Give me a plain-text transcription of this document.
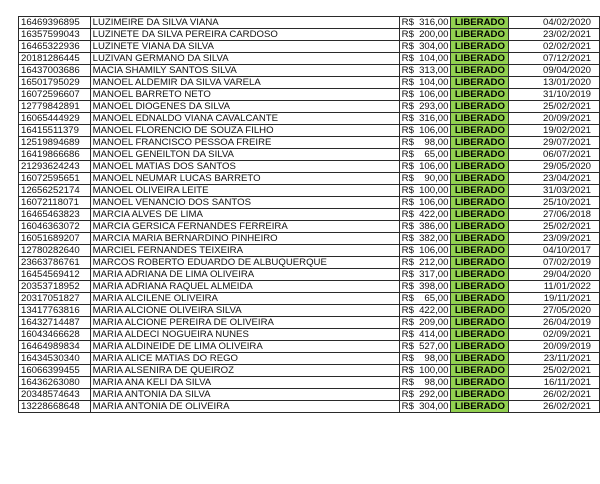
16469396895	LUZIMEIRE DA SILVA VIANA	R$ 316,00	LIBERADO	04/02/2020
16357599043	LUZINETE DA SILVA PEREIRA CARDOSO	R$ 200,00	LIBERADO	23/02/2021
16465322936	LUZINETE VIANA DA SILVA	R$ 304,00	LIBERADO	02/02/2021
20181286445	LUZIVAN GERMANO DA SILVA	R$ 104,00	LIBERADO	07/12/2021
16437003686	MACIA SHAMILY SANTOS SILVA	R$ 313,00	LIBERADO	09/04/2020
16501795029	MANOEL ALDEMIR DA SILVA VARELA	R$ 104,00	LIBERADO	13/01/2020
16072596607	MANOEL BARRETO NETO	R$ 106,00	LIBERADO	31/10/2019
12779842891	MANOEL DIOGENES DA SILVA	R$ 293,00	LIBERADO	25/02/2021
16065444929	MANOEL EDNALDO VIANA CAVALCANTE	R$ 316,00	LIBERADO	20/09/2021
16415511379	MANOEL FLORENCIO DE SOUZA FILHO	R$ 106,00	LIBERADO	19/02/2021
12519894689	MANOEL FRANCISCO PESSOA FREIRE	R$ 98,00	LIBERADO	29/07/2021
16419866686	MANOEL GENEILTON DA SILVA	R$ 65,00	LIBERADO	06/07/2021
21293624243	MANOEL MATIAS DOS SANTOS	R$ 106,00	LIBERADO	29/05/2020
16072595651	MANOEL NEUMAR LUCAS BARRETO	R$ 90,00	LIBERADO	23/04/2021
12656252174	MANOEL OLIVEIRA LEITE	R$ 100,00	LIBERADO	31/03/2021
16072118071	MANOEL VENANCIO DOS SANTOS	R$ 106,00	LIBERADO	25/10/2021
16465463823	MARCIA ALVES DE LIMA	R$ 422,00	LIBERADO	27/06/2018
16046363072	MARCIA GERSICA FERNANDES FERREIRA	R$ 386,00	LIBERADO	25/02/2021
16051689207	MARCIA MARIA BERNARDINO PINHEIRO	R$ 382,00	LIBERADO	23/09/2021
12780282640	MARCIEL FERNANDES TEIXEIRA	R$ 106,00	LIBERADO	04/10/2017
23663786761	MARCOS ROBERTO EDUARDO DE ALBUQUERQUE	R$ 212,00	LIBERADO	07/02/2019
16454569412	MARIA ADRIANA DE LIMA OLIVEIRA	R$ 317,00	LIBERADO	29/04/2020
20353718952	MARIA ADRIANA RAQUEL ALMEIDA	R$ 398,00	LIBERADO	11/01/2022
20317051827	MARIA ALCILENE OLIVEIRA	R$ 65,00	LIBERADO	19/11/2021
13417763816	MARIA ALCIONE OLIVEIRA SILVA	R$ 422,00	LIBERADO	27/05/2020
16432714487	MARIA ALCIONE PEREIRA DE OLIVEIRA	R$ 209,00	LIBERADO	26/04/2019
16043466628	MARIA ALDECI NOGUEIRA NUNES	R$ 414,00	LIBERADO	02/09/2021
16464989834	MARIA ALDINEIDE DE LIMA OLIVEIRA	R$ 527,00	LIBERADO	20/09/2019
16434530340	MARIA ALICE MATIAS DO REGO	R$ 98,00	LIBERADO	23/11/2021
16066399455	MARIA ALSENIRA DE QUEIROZ	R$ 100,00	LIBERADO	25/02/2021
16436263080	MARIA ANA KELI DA SILVA	R$ 98,00	LIBERADO	16/11/2021
20348574643	MARIA ANTONIA DA SILVA	R$ 292,00	LIBERADO	26/02/2021
13228668648	MARIA ANTONIA DE OLIVEIRA	R$ 304,00	LIBERADO	26/02/2021
